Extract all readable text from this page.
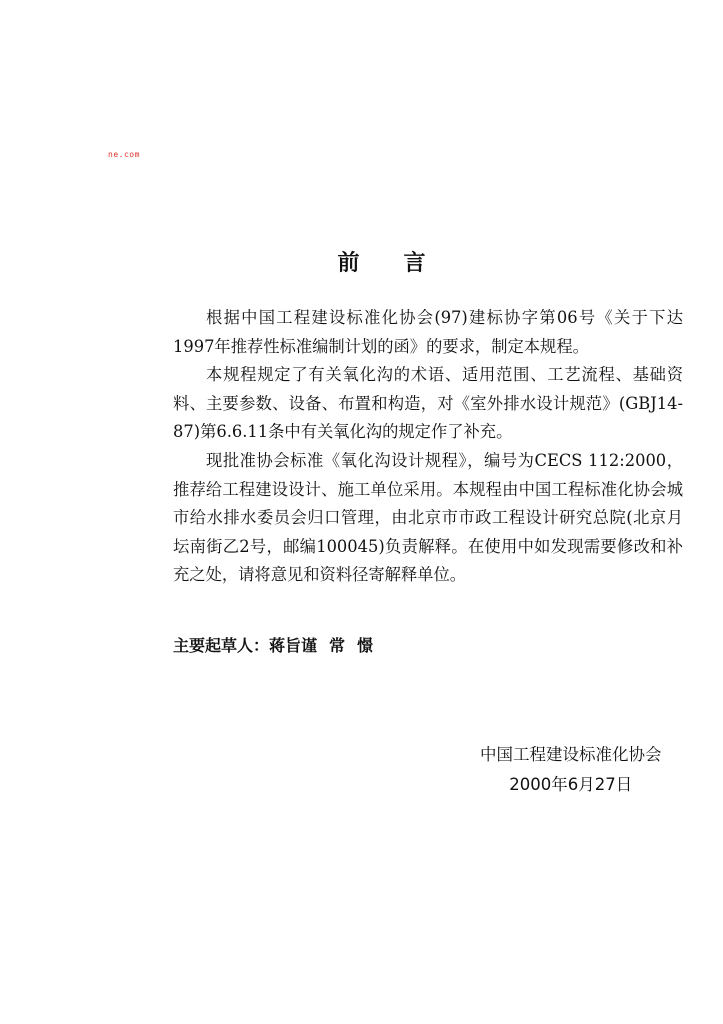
ne.com
前 言

根据中国工程建设标准化协会(97)建标协字第06号《关于下达1997年推荐性标准编制计划的函》的要求，制定本规程。

本规程规定了有关氧化沟的术语、适用范围、工艺流程、基础资料、主要参数、设备、布置和构造，对《室外排水设计规范》(GBJ14-87)第6.6.11条中有关氧化沟的规定作了补充。

现批准协会标准《氧化沟设计规程》，编号为CECS 112:2000，推荐给工程建设设计、施工单位采用。本规程由中国工程标准化协会城市给水排水委员会归口管理，由北京市市政工程设计研究总院(北京月坛南街乙2号，邮编100045)负责解释。在使用中如发现需要修改和补充之处，请将意见和资料径寄解释单位。

主要起草人：蒋旨谨 常 憬
中国工程建设标准化协会
2000年6月27日
